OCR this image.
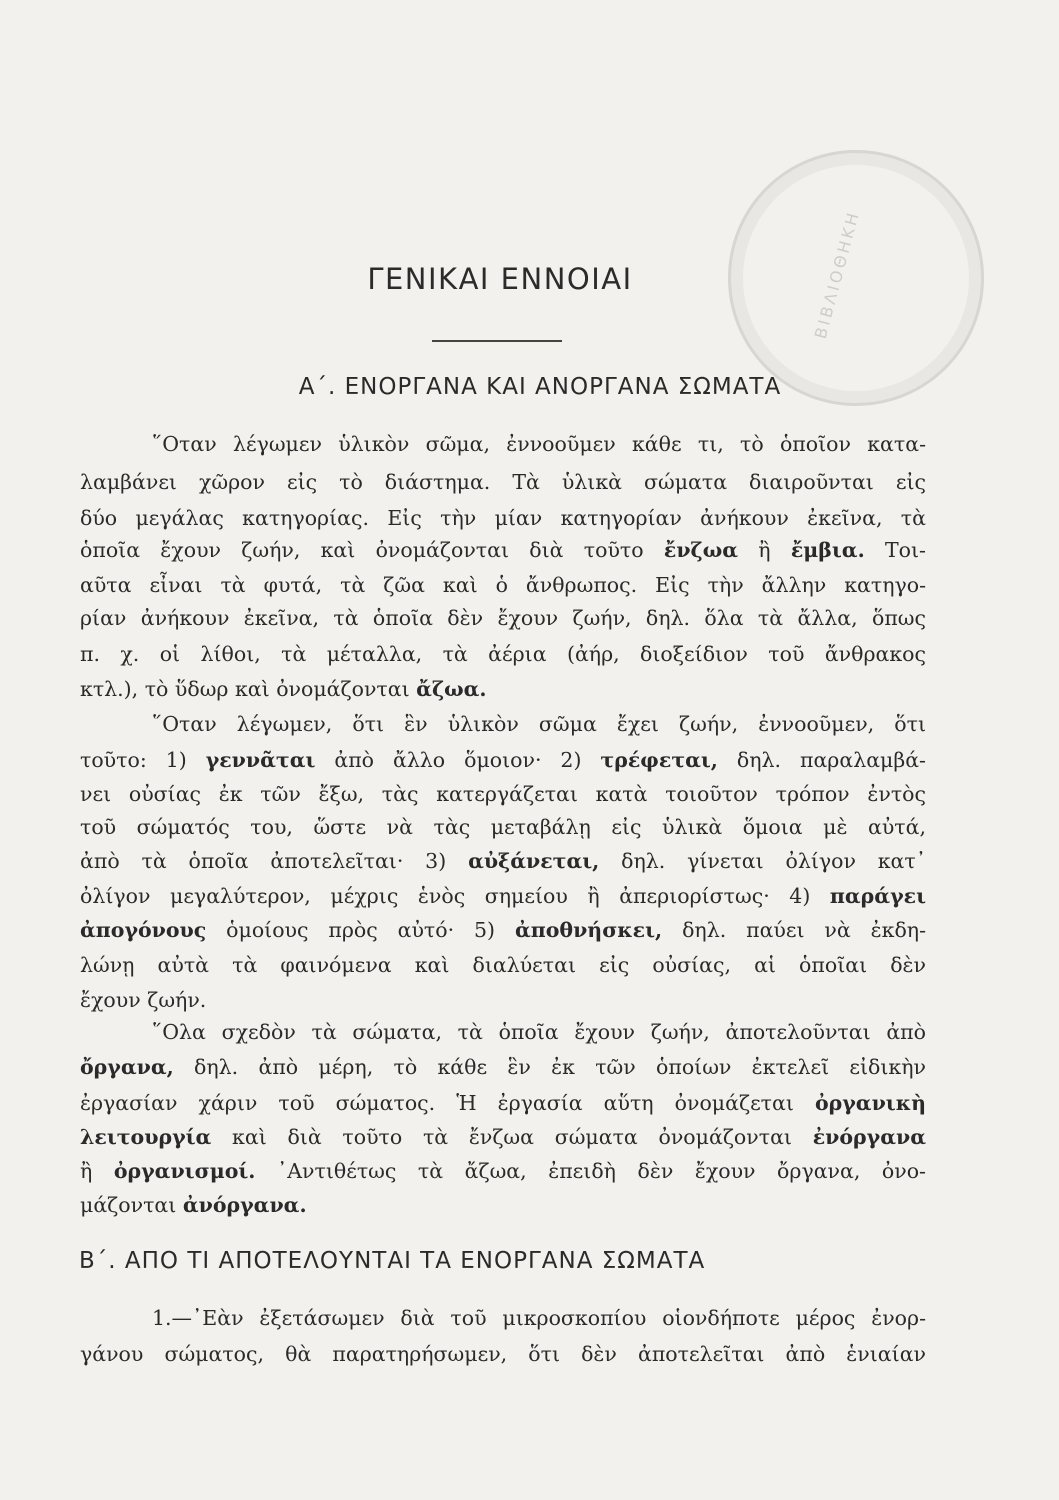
ΒΙΒΛΙΟΘΗΚΗ
ΓΕΝΙΚΑΙ ΕΝΝΟΙΑΙ
Α΄. ΕΝΟΡΓΑΝΑ ΚΑΙ ΑΝΟΡΓΑΝΑ ΣΩΜΑΤΑ
῞Οταν λέγωμεν ὑλικὸν σῶμα, ἐννοοῦμεν κάθε τι, τὸ ὁποῖον κατα-
λαμβάνει χῶρον εἰς τὸ διάστημα. Τὰ ὑλικὰ σώματα διαιροῦνται εἰς
δύο μεγάλας κατηγορίας. Εἰς τὴν μίαν κατηγορίαν ἀνήκουν ἐκεῖνα, τὰ
ὁποῖα ἔχουν ζωήν, καὶ ὀνομάζονται διὰ τοῦτο ἔνζωα ἢ ἔμβια. Τοι-
αῦτα εἶναι τὰ φυτά, τὰ ζῶα καὶ ὁ ἄνθρωπος. Εἰς τὴν ἄλλην κατηγο-
ρίαν ἀνήκουν ἐκεῖνα, τὰ ὁποῖα δὲν ἔχουν ζωήν, δηλ. ὅλα τὰ ἄλλα, ὅπως
π. χ. οἱ λίθοι, τὰ μέταλλα, τὰ ἀέρια (ἀήρ, διοξείδιον τοῦ ἄνθρακος
κτλ.), τὸ ὕδωρ καὶ ὀνομάζονται ἄζωα.
῞Οταν λέγωμεν, ὅτι ἓν ὑλικὸν σῶμα ἔχει ζωήν, ἐννοοῦμεν, ὅτι
τοῦτο: 1) γεννᾶται ἀπὸ ἄλλο ὅμοιον· 2) τρέφεται, δηλ. παραλαμβά-
νει οὐσίας ἐκ τῶν ἔξω, τὰς κατεργάζεται κατὰ τοιοῦτον τρόπον ἐντὸς
τοῦ σώματός του, ὥστε νὰ τὰς μεταβάλῃ εἰς ὑλικὰ ὅμοια μὲ αὐτά,
ἀπὸ τὰ ὁποῖα ἀποτελεῖται· 3) αὐξάνεται, δηλ. γίνεται ὀλίγον κατ᾿
ὀλίγον μεγαλύτερον, μέχρις ἑνὸς σημείου ἢ ἀπεριορίστως· 4) παράγει
ἀπογόνους ὁμοίους πρὸς αὐτό· 5) ἀποθνήσκει, δηλ. παύει νὰ ἐκδη-
λώνῃ αὐτὰ τὰ φαινόμενα καὶ διαλύεται εἰς οὐσίας, αἱ ὁποῖαι δὲν
ἔχουν ζωήν.
῞Ολα σχεδὸν τὰ σώματα, τὰ ὁποῖα ἔχουν ζωήν, ἀποτελοῦνται ἀπὸ
ὄργανα, δηλ. ἀπὸ μέρη, τὸ κάθε ἓν ἐκ τῶν ὁποίων ἐκτελεῖ εἰδικὴν
ἐργασίαν χάριν τοῦ σώματος. Ἡ ἐργασία αὕτη ὀνομάζεται ὀργανικὴ
λειτουργία καὶ διὰ τοῦτο τὰ ἔνζωα σώματα ὀνομάζονται ἐνόργανα
ἢ ὀργανισμοί. ᾽Αντιθέτως τὰ ἄζωα, ἐπειδὴ δὲν ἔχουν ὄργανα, ὀνο-
μάζονται ἀνόργανα.
Β΄. ΑΠΟ ΤΙ ΑΠΟΤΕΛΟΥΝΤΑΙ ΤΑ ΕΝΟΡΓΑΝΑ ΣΩΜΑΤΑ
1.—᾽Εὰν ἐξετάσωμεν διὰ τοῦ μικροσκοπίου οἱονδήποτε μέρος ἐνορ-
γάνου σώματος, θὰ παρατηρήσωμεν, ὅτι δὲν ἀποτελεῖται ἀπὸ ἑνιαίαν
